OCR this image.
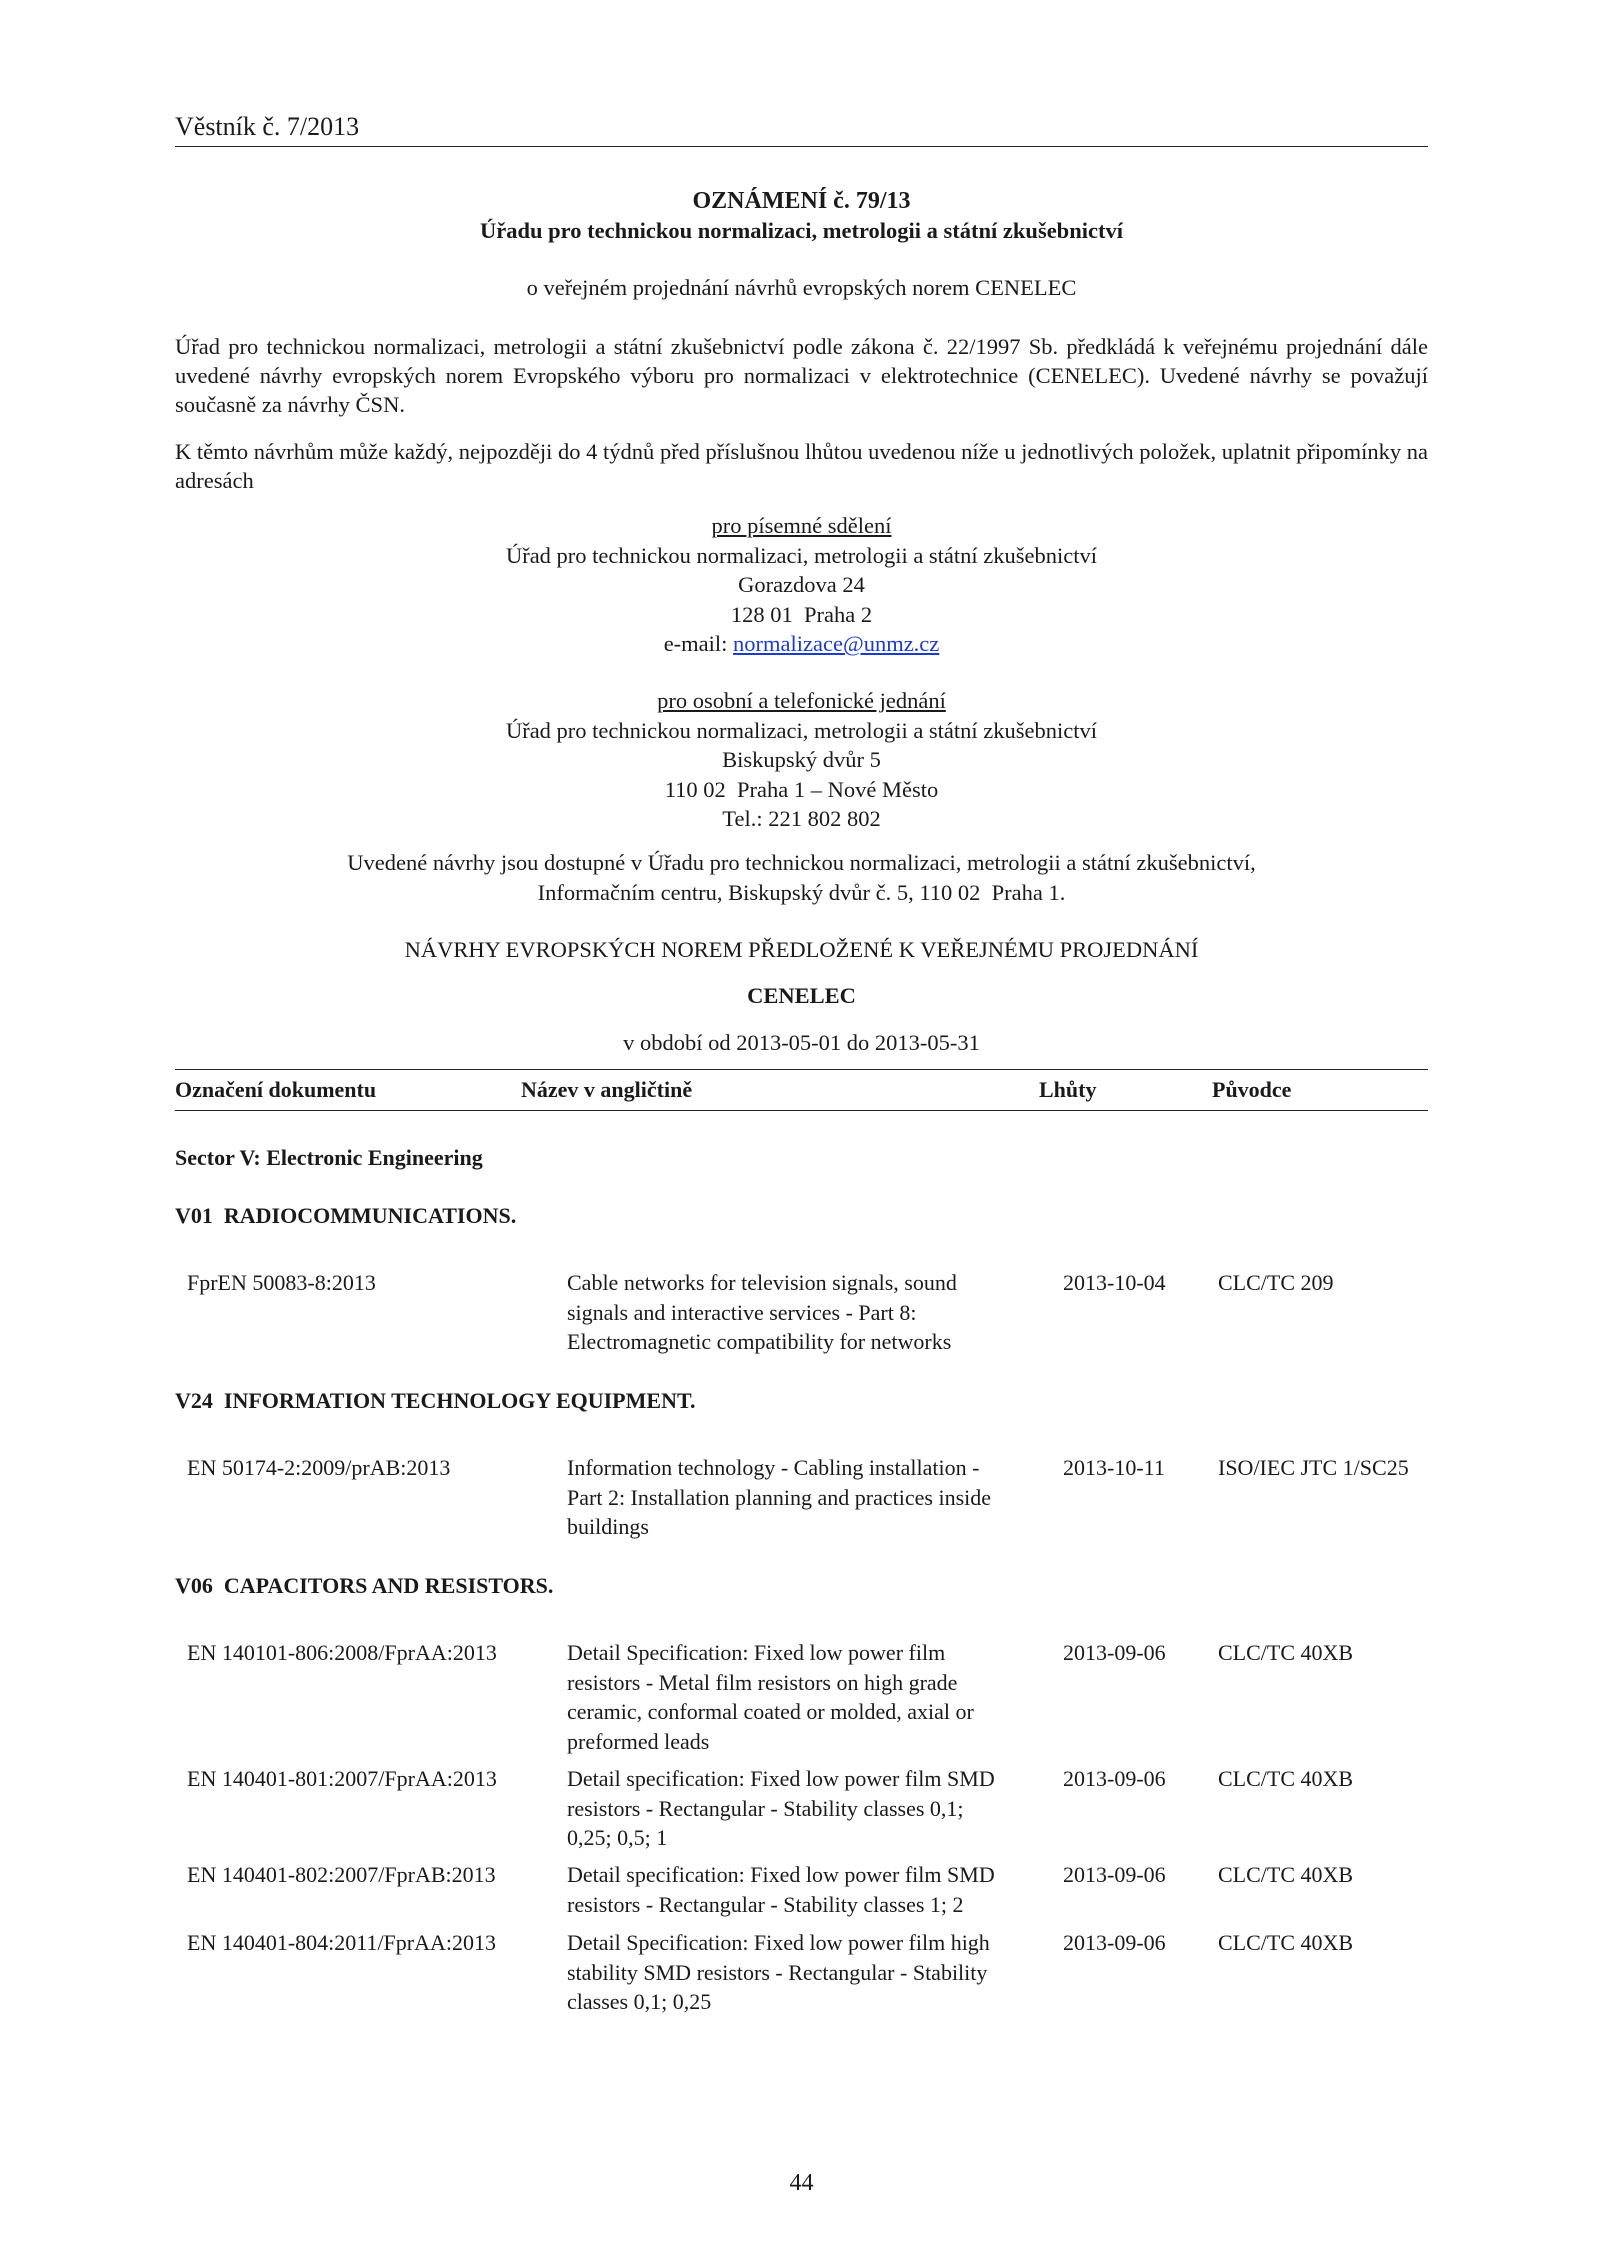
Věstník č. 7/2013
OZNÁMENÍ č. 79/13
Úřadu pro technickou normalizaci, metrologii a státní zkušebnictví
o veřejném projednání návrhů evropských norem CENELEC
Úřad pro technickou normalizaci, metrologii a státní zkušebnictví podle zákona č. 22/1997 Sb. předkládá k veřejnému projednání dále uvedené návrhy evropských norem Evropského výboru pro normalizaci v elektrotechnice (CENELEC). Uvedené návrhy se považují současně za návrhy ČSN.
K těmto návrhům může každý, nejpozději do 4 týdnů před příslušnou lhůtou uvedenou níže u jednotlivých položek, uplatnit připomínky na adresách
pro písemné sdělení
Úřad pro technickou normalizaci, metrologii a státní zkušebnictví
Gorazdova 24
128 01  Praha 2
e-mail: normalizace@unmz.cz
pro osobní a telefonické jednání
Úřad pro technickou normalizaci, metrologii a státní zkušebnictví
Biskupský dvůr 5
110 02  Praha 1 – Nové Město
Tel.: 221 802 802
Uvedené návrhy jsou dostupné v Úřadu pro technickou normalizaci, metrologii a státní zkušebnictví,
Informačním centru, Biskupský dvůr č. 5, 110 02  Praha 1.
NÁVRHY EVROPSKÝCH NOREM PŘEDLOŽENÉ K VEŘEJNÉMU PROJEDNÁNÍ
CENELEC
v období od 2013-05-01 do 2013-05-31
Označení dokumentu	Název v angličtině	Lhůty	Původce
Sector V: Electronic Engineering
V01  RADIOCOMMUNICATIONS.
FprEN 50083-8:2013	Cable networks for television signals, sound
signals and interactive services - Part 8:
Electromagnetic compatibility for networks
2013-10-04	CLC/TC 209
V24  INFORMATION TECHNOLOGY EQUIPMENT.
EN 50174-2:2009/prAB:2013	Information technology - Cabling installation -
Part 2: Installation planning and practices inside
buildings
2013-10-11	ISO/IEC JTC 1/SC25
V06  CAPACITORS AND RESISTORS.
EN 140101-806:2008/FprAA:2013	Detail Specification: Fixed low power film
resistors - Metal film resistors on high grade
ceramic, conformal coated or molded, axial or
preformed leads
2013-09-06	CLC/TC 40XB
EN 140401-801:2007/FprAA:2013	Detail specification: Fixed low power film SMD
resistors - Rectangular - Stability classes 0,1;
0,25; 0,5; 1
2013-09-06	CLC/TC 40XB
EN 140401-802:2007/FprAB:2013	Detail specification: Fixed low power film SMD
resistors - Rectangular - Stability classes 1; 2
2013-09-06	CLC/TC 40XB
EN 140401-804:2011/FprAA:2013	Detail Specification: Fixed low power film high
stability SMD resistors - Rectangular - Stability
classes 0,1; 0,25
2013-09-06	CLC/TC 40XB
44
